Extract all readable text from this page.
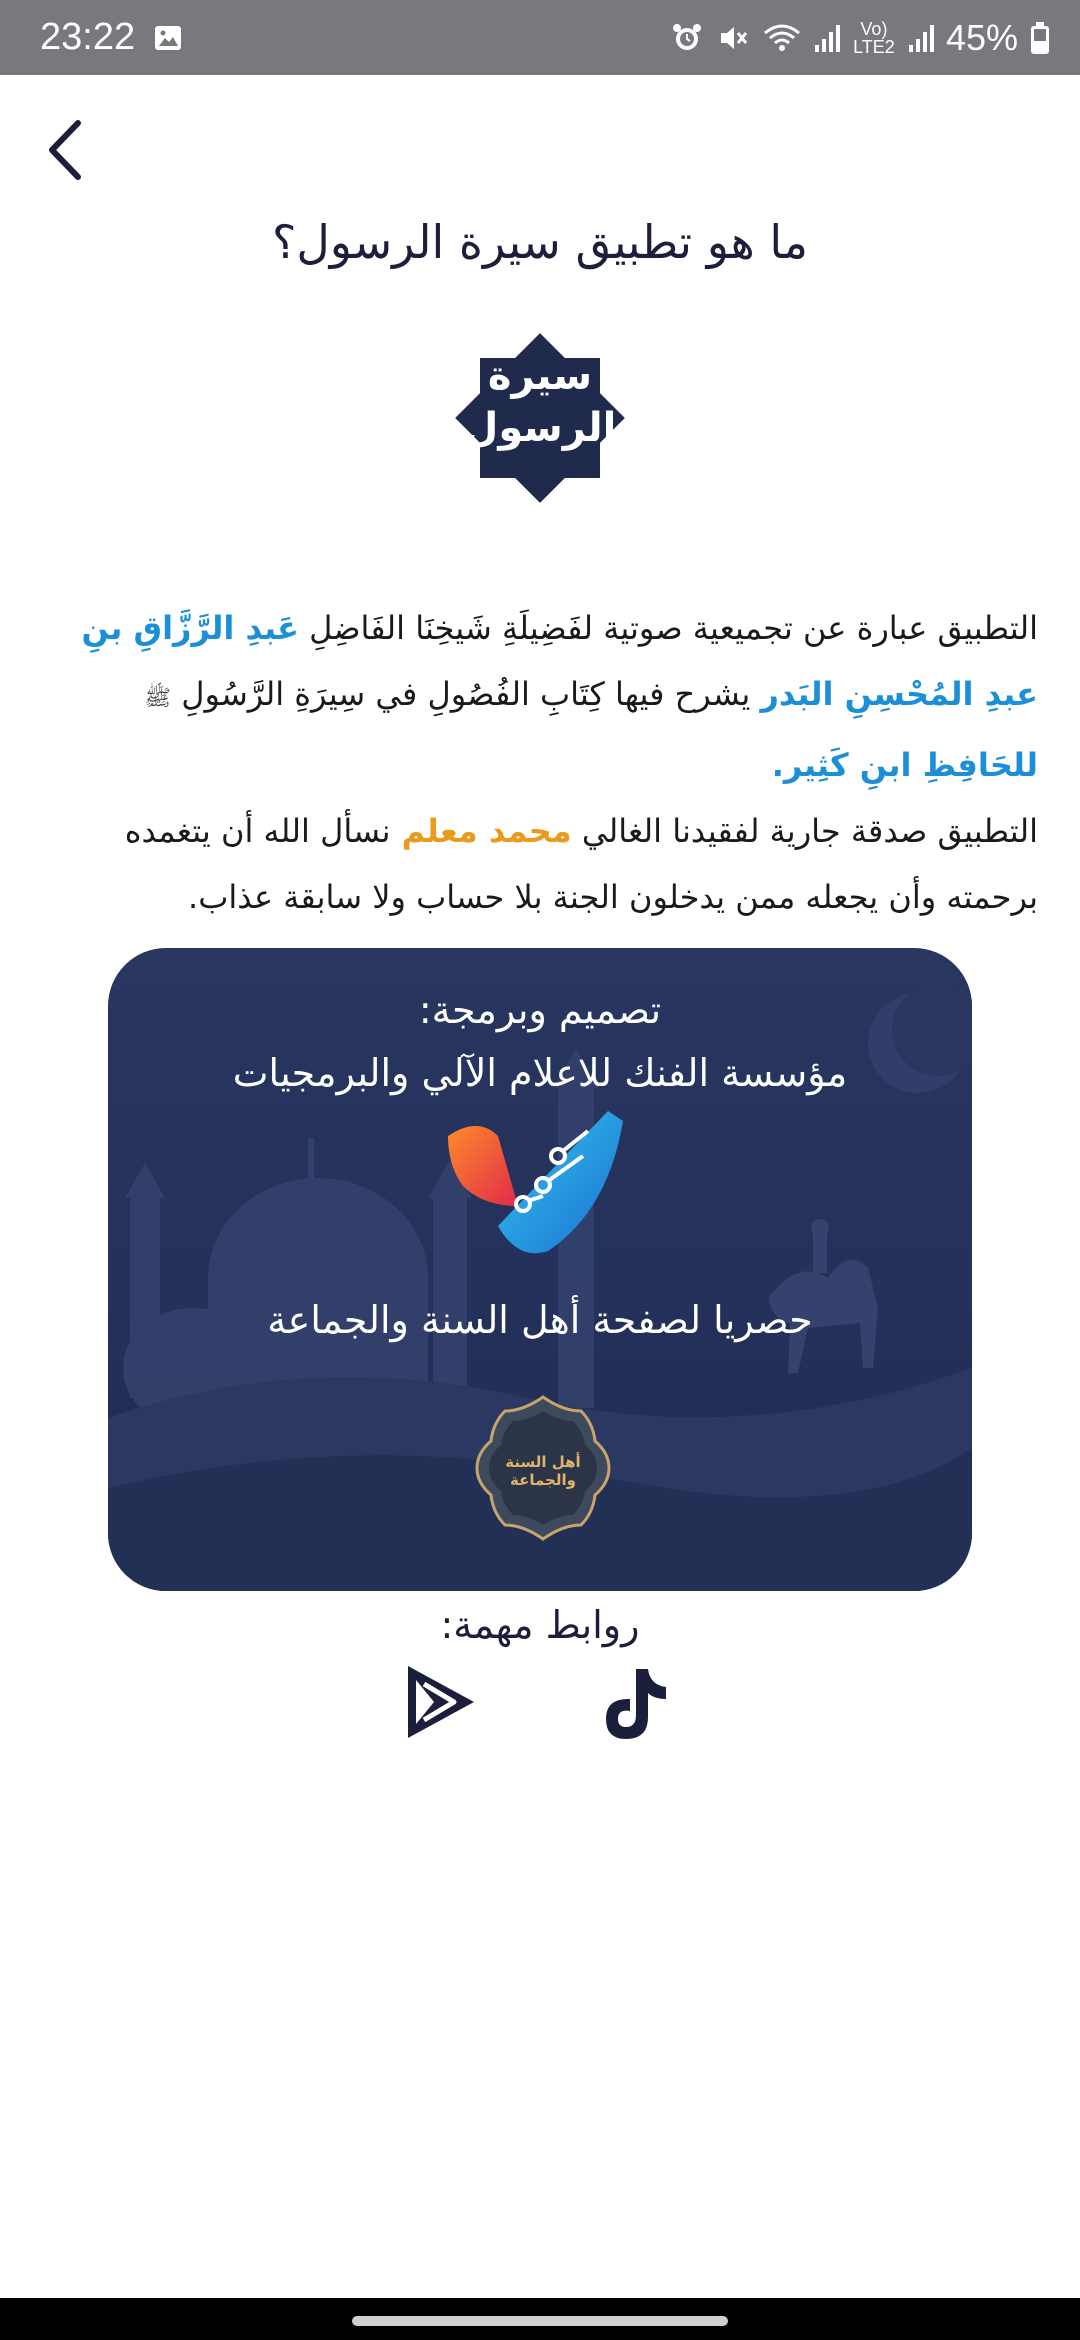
23:22	Vo) LTE2 45%
ما هو تطبيق سيرة الرسول؟
سيرة
الرسول
التطبيق عبارة عن تجميعية صوتية لفَضِيلَةِ شَيخِنَا الفَاضِلِ عَبدِ الرَّزَّاقِ بنِ عبدِ المُحْسِنِ البَدر يشرح فيها كِتَابِ الفُصُولِ في سِيرَةِ الرَّسُولِ ﷺ للحَافِظِ ابنِ كَثِير.
التطبيق صدقة جارية لفقيدنا الغالي محمد معلم نسأل الله أن يتغمده برحمته وأن يجعله ممن يدخلون الجنة بلا حساب ولا سابقة عذاب.
تصميم وبرمجة:
مؤسسة الفنك للاعلام الآلي والبرمجيات
حصريا لصفحة أهل السنة والجماعة
أهل السنة والجماعة
روابط مهمة:
